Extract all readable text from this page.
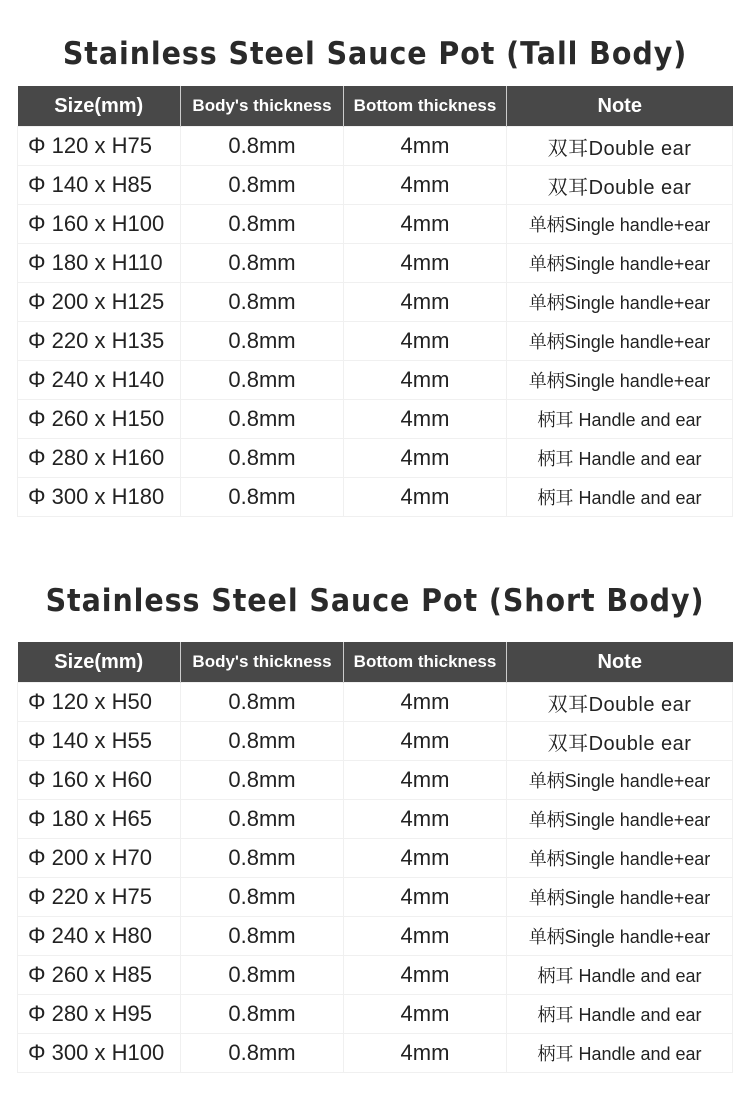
Stainless Steel Sauce Pot (Tall Body)
Size(mm)	Body's thickness	Bottom thickness	Note
Φ 120 x H75	0.8mm	4mm	双耳Double ear
Φ 140 x H85	0.8mm	4mm	双耳Double ear
Φ 160 x H100	0.8mm	4mm	单柄Single handle+ear
Φ 180 x H110	0.8mm	4mm	单柄Single handle+ear
Φ 200 x H125	0.8mm	4mm	单柄Single handle+ear
Φ 220 x H135	0.8mm	4mm	单柄Single handle+ear
Φ 240 x H140	0.8mm	4mm	单柄Single handle+ear
Φ 260 x H150	0.8mm	4mm	柄耳 Handle and ear
Φ 280 x H160	0.8mm	4mm	柄耳 Handle and ear
Φ 300 x H180	0.8mm	4mm	柄耳 Handle and ear
Stainless Steel Sauce Pot (Short Body)
Size(mm)	Body's thickness	Bottom thickness	Note
Φ 120 x H50	0.8mm	4mm	双耳Double ear
Φ 140 x H55	0.8mm	4mm	双耳Double ear
Φ 160 x H60	0.8mm	4mm	单柄Single handle+ear
Φ 180 x H65	0.8mm	4mm	单柄Single handle+ear
Φ 200 x H70	0.8mm	4mm	单柄Single handle+ear
Φ 220 x H75	0.8mm	4mm	单柄Single handle+ear
Φ 240 x H80	0.8mm	4mm	单柄Single handle+ear
Φ 260 x H85	0.8mm	4mm	柄耳 Handle and ear
Φ 280 x H95	0.8mm	4mm	柄耳 Handle and ear
Φ 300 x H100	0.8mm	4mm	柄耳 Handle and ear
